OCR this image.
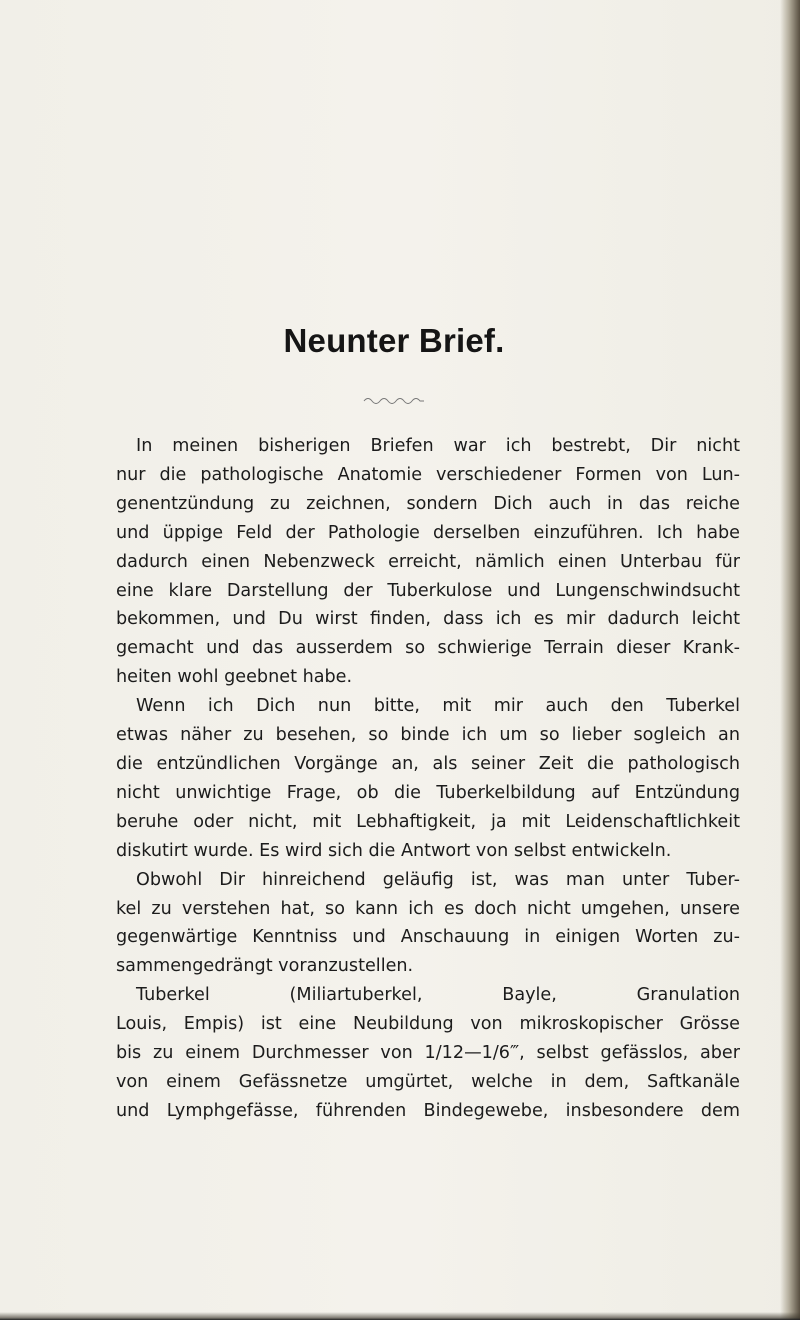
Neunter Brief.
In meinen bisherigen Briefen war ich bestrebt, Dir nicht
nur die pathologische Anatomie verschiedener Formen von Lun-
genentzündung zu zeichnen, sondern Dich auch in das reiche
und üppige Feld der Pathologie derselben einzuführen. Ich habe
dadurch einen Nebenzweck erreicht, nämlich einen Unterbau für
eine klare Darstellung der Tuberkulose und Lungenschwindsucht
bekommen, und Du wirst finden, dass ich es mir dadurch leicht
gemacht und das ausserdem so schwierige Terrain dieser Krank-
heiten wohl geebnet habe.
Wenn ich Dich nun bitte, mit mir auch den Tuberkel
etwas näher zu besehen, so binde ich um so lieber sogleich an
die entzündlichen Vorgänge an, als seiner Zeit die pathologisch
nicht unwichtige Frage, ob die Tuberkelbildung auf Entzündung
beruhe oder nicht, mit Lebhaftigkeit, ja mit Leidenschaftlichkeit
diskutirt wurde. Es wird sich die Antwort von selbst entwickeln.
Obwohl Dir hinreichend geläufig ist, was man unter Tuber-
kel zu verstehen hat, so kann ich es doch nicht umgehen, unsere
gegenwärtige Kenntniss und Anschauung in einigen Worten zu-
sammengedrängt voranzustellen.
Tuberkel (Miliartuberkel, Bayle, Granulation
Louis, Empis) ist eine Neubildung von mikroskopischer Grösse
bis zu einem Durchmesser von 1/12—1/6‴, selbst gefässlos, aber
von einem Gefässnetze umgürtet, welche in dem, Saftkanäle
und Lymphgefässe, führenden Bindegewebe, insbesondere dem
